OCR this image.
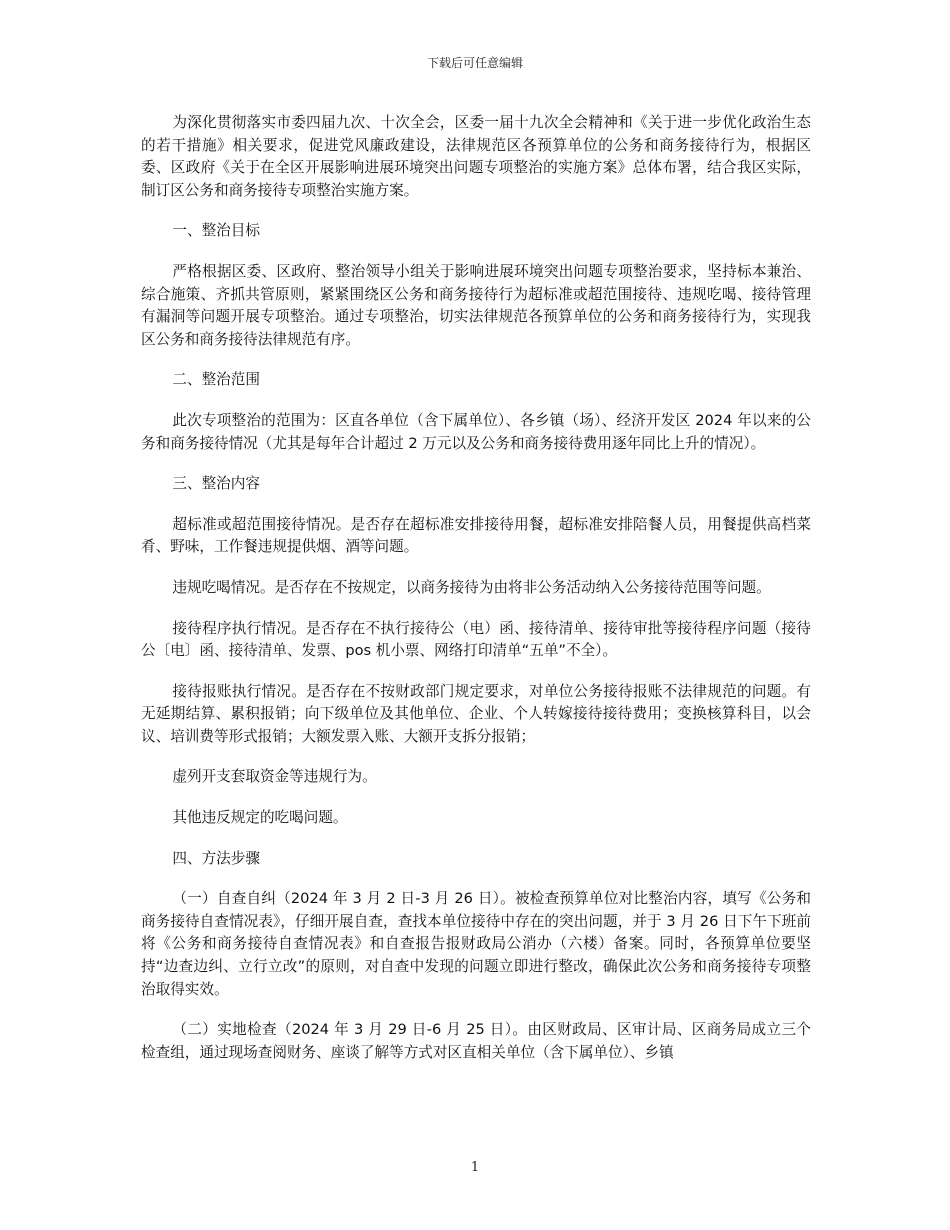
下载后可任意编辑

为深化贯彻落实市委四届九次、十次全会，区委一届十九次全会精神和《关于进一步优化政治生态的若干措施》相关要求，促进党风廉政建设，法律规范区各预算单位的公务和商务接待行为，根据区委、区政府《关于在全区开展影响进展环境突出问题专项整治的实施方案》总体布署，结合我区实际，制订区公务和商务接待专项整治实施方案。

一、整治目标

严格根据区委、区政府、整治领导小组关于影响进展环境突出问题专项整治要求，坚持标本兼治、综合施策、齐抓共管原则，紧紧围绕区公务和商务接待行为超标准或超范围接待、违规吃喝、接待管理有漏洞等问题开展专项整治。通过专项整治，切实法律规范各预算单位的公务和商务接待行为，实现我区公务和商务接待法律规范有序。

二、整治范围

此次专项整治的范围为：区直各单位（含下属单位）、各乡镇（场）、经济开发区 2024 年以来的公务和商务接待情况（尤其是每年合计超过 2 万元以及公务和商务接待费用逐年同比上升的情况）。

三、整治内容

超标准或超范围接待情况。是否存在超标准安排接待用餐，超标准安排陪餐人员，用餐提供高档菜肴、野味，工作餐违规提供烟、酒等问题。

违规吃喝情况。是否存在不按规定，以商务接待为由将非公务活动纳入公务接待范围等问题。

接待程序执行情况。是否存在不执行接待公（电）函、接待清单、接待审批等接待程序问题（接待公〔电〕函、接待清单、发票、pos 机小票、网络打印清单“五单”不全）。

接待报账执行情况。是否存在不按财政部门规定要求，对单位公务接待报账不法律规范的问题。有无延期结算、累积报销；向下级单位及其他单位、企业、个人转嫁接待接待费用；变换核算科目，以会议、培训费等形式报销；大额发票入账、大额开支拆分报销；

虚列开支套取资金等违规行为。

其他违反规定的吃喝问题。

四、方法步骤

（一）自查自纠（2024 年 3 月 2 日-3 月 26 日）。被检查预算单位对比整治内容，填写《公务和商务接待自查情况表》，仔细开展自查，查找本单位接待中存在的突出问题，并于 3 月 26 日下午下班前将《公务和商务接待自查情况表》和自查报告报财政局公消办（六楼）备案。同时，各预算单位要坚持“边查边纠、立行立改”的原则，对自查中发现的问题立即进行整改，确保此次公务和商务接待专项整治取得实效。

（二）实地检查（2024 年 3 月 29 日-6 月 25 日）。由区财政局、区审计局、区商务局成立三个检查组，通过现场查阅财务、座谈了解等方式对区直相关单位（含下属单位）、乡镇

1
